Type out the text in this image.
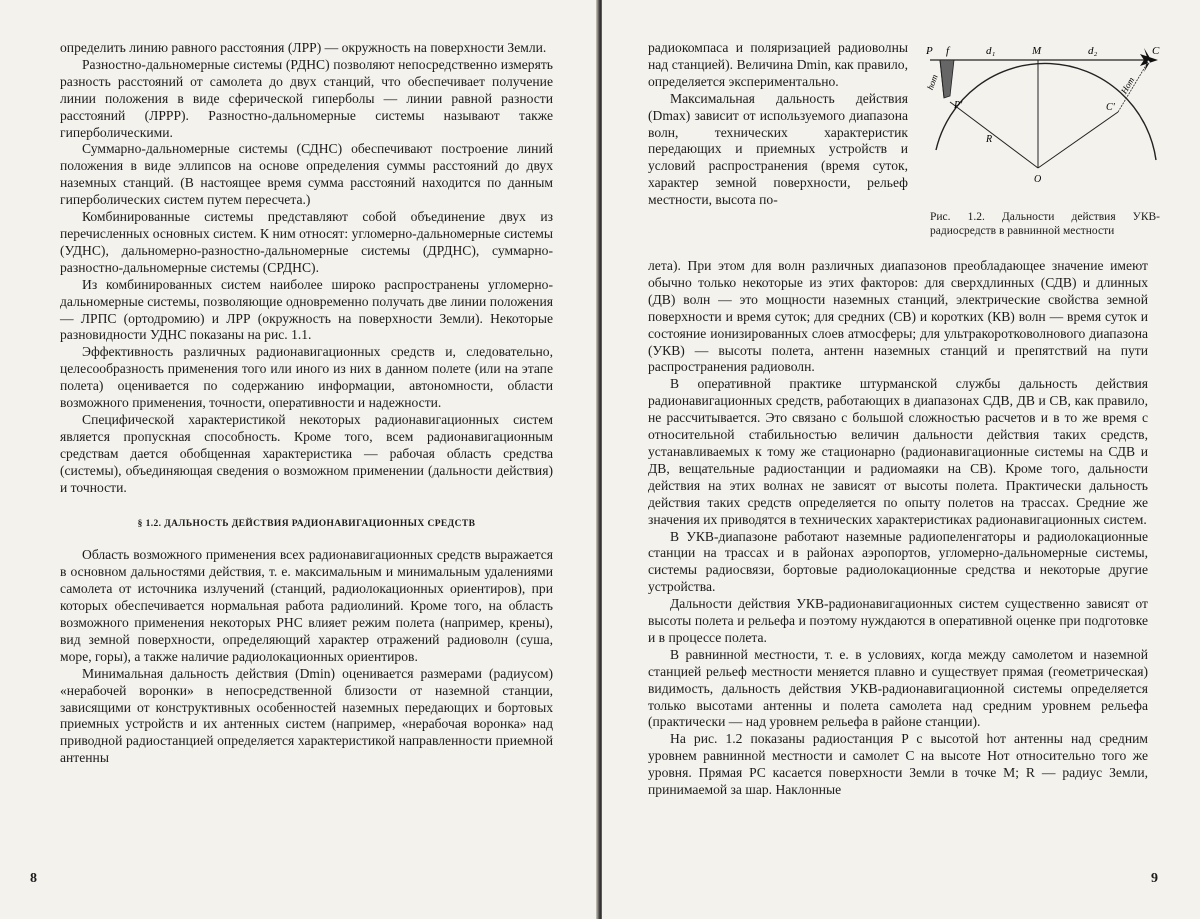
определить линию равного расстояния (ЛРР) — окружность на поверхности Земли.

Разностно-дальномерные системы (РДНС) позволяют непосредственно измерять разность расстояний от самолета до двух станций, что обеспечивает получение линии положения в виде сферической гиперболы — линии равной разности расстояний (ЛРРР). Разностно-дальномерные системы называют также гиперболическими.

Суммарно-дальномерные системы (СДНС) обеспечивают построение линий положения в виде эллипсов на основе определения суммы расстояний до двух наземных станций. (В настоящее время сумма расстояний находится по данным гиперболических систем путем пересчета.)

Комбинированные системы представляют собой объединение двух из перечисленных основных систем. К ним относят: угломерно-дальномерные системы (УДНС), дальномерно-разностно-дальномерные системы (ДРДНС), суммарно-разностно-дальномерные системы (СРДНС).

Из комбинированных систем наиболее широко распространены угломерно-дальномерные системы, позволяющие одновременно получать две линии положения — ЛРПС (ортодромию) и ЛРР (окружность на поверхности Земли). Некоторые разновидности УДНС показаны на рис. 1.1.

Эффективность различных радионавигационных средств и, следовательно, целесообразность применения того или иного из них в данном полете (или на этапе полета) оценивается по содержанию информации, автономности, области возможного применения, точности, оперативности и надежности.

Специфической характеристикой некоторых радионавигационных систем является пропускная способность. Кроме того, всем радионавигационным средствам дается обобщенная характеристика — рабочая область средства (системы), объединяющая сведения о возможном применении (дальности действия) и точности.

§ 1.2. ДАЛЬНОСТЬ ДЕЙСТВИЯ РАДИОНАВИГАЦИОННЫХ СРЕДСТВ

Область возможного применения всех радионавигационных средств выражается в основном дальностями действия, т. е. максимальным и минимальным удалениями самолета от источника излучений (станций, радиолокационных ориентиров), при которых обеспечивается нормальная работа радиолиний. Кроме того, на область возможного применения некоторых РНС влияет режим полета (например, крены), вид земной поверхности, определяющий характер отражений радиоволн (суша, море, горы), а также наличие радиолокационных ориентиров.

Минимальная дальность действия (Dmin) оценивается размерами (радиусом) «нерабочей воронки» в непосредственной близости от наземной станции, зависящими от конструктивных особенностей наземных передающих и бортовых приемных устройств и их антенных систем (например, «нерабочая воронка» над приводной радиостанцией определяется характеристикой направленности приемной антенны

8

радиокомпаса и поляризацией радиоволны над станцией). Величина Dmin, как правило, определяется экспериментально.

Максимальная дальность действия (Dmax) зависит от используемого диапазона волн, технических характеристик передающих и приемных устройств и условий распространения (время суток, характер земной поверхности, рельеф местности, высота по-

P f	d₁	M	d₂	C
hот	Hот
P'	C'
R
O
Рис. 1.2. Дальности действия УКВ-радиосредств в равнинной местности

лета). При этом для волн различных диапазонов преобладающее значение имеют обычно только некоторые из этих факторов: для сверхдлинных (СДВ) и длинных (ДВ) волн — это мощности наземных станций, электрические свойства земной поверхности и время суток; для средних (СВ) и коротких (КВ) волн — время суток и состояние ионизированных слоев атмосферы; для ультракоротковолнового диапазона (УКВ) — высоты полета, антенн наземных станций и препятствий на пути распространения радиоволн.

В оперативной практике штурманской службы дальность действия радионавигационных средств, работающих в диапазонах СДВ, ДВ и СВ, как правило, не рассчитывается. Это связано с большой сложностью расчетов и в то же время с относительной стабильностью величин дальности действия таких средств, устанавливаемых к тому же стационарно (радионавигационные системы на СДВ и ДВ, вещательные радиостанции и радиомаяки на СВ). Кроме того, дальности действия на этих волнах не зависят от высоты полета. Практически дальность действия таких средств определяется по опыту полетов на трассах. Средние же значения их приводятся в технических характеристиках радионавигационных систем.

В УКВ-диапазоне работают наземные радиопеленгаторы и радиолокационные станции на трассах и в районах аэропортов, угломерно-дальномерные системы, системы радиосвязи, бортовые радиолокационные средства и некоторые другие устройства.

Дальности действия УКВ-радионавигационных систем существенно зависят от высоты полета и рельефа и поэтому нуждаются в оперативной оценке при подготовке и в процессе полета.

В равнинной местности, т. е. в условиях, когда между самолетом и наземной станцией рельеф местности меняется плавно и существует прямая (геометрическая) видимость, дальность действия УКВ-радионавигационной системы определяется только высотами антенны и полета самолета над средним уровнем рельефа (практически — над уровнем рельефа в районе станции).

На рис. 1.2 показаны радиостанция P с высотой hот антенны над средним уровнем равнинной местности и самолет C на высоте Hот относительно того же уровня. Прямая PC касается поверхности Земли в точке M; R — радиус Земли, принимаемой за шар. Наклонные

9
